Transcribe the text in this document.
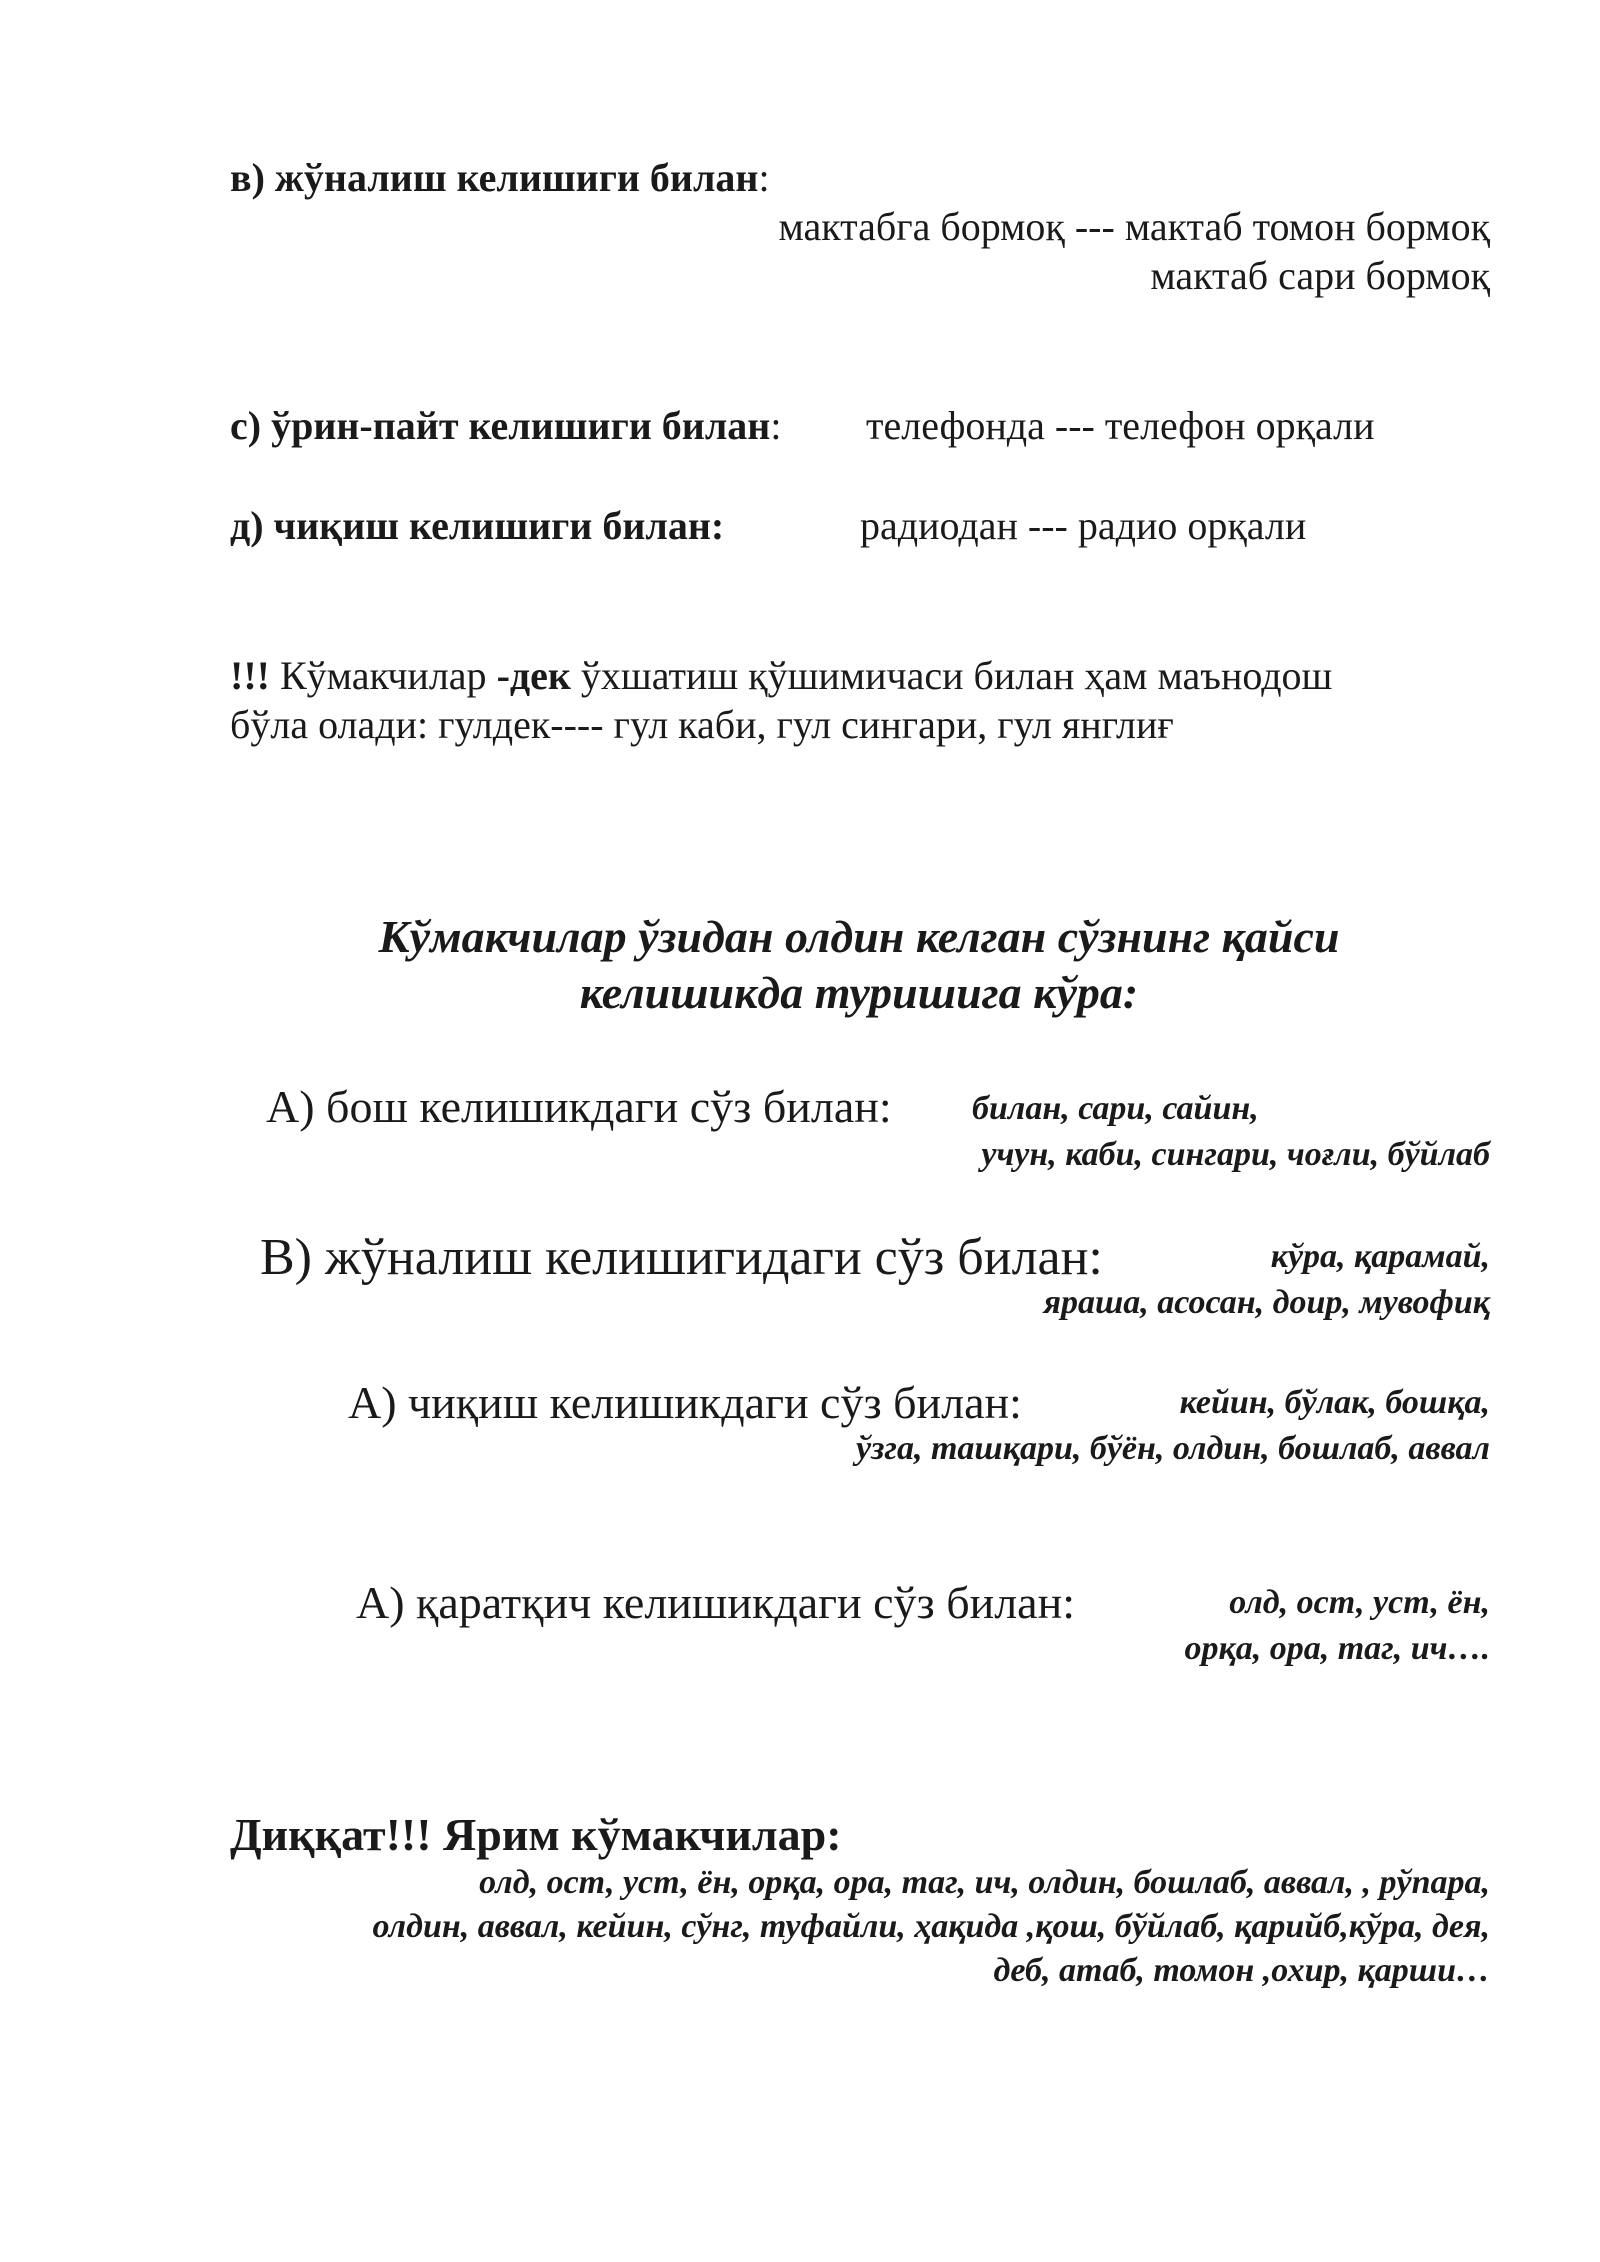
в) жўналиш келишиги билан:
мактабга бормоқ --- мактаб томон бормоқ
мактаб сари бормоқ
с) ўрин-пайт келишиги билан: телефонда --- телефон орқали
д) чиқиш келишиги билан:	радиодан --- радио орқали
!!! Кўмакчилар -дек ўхшатиш қўшимичаси билан ҳам маънодош
бўла олади: гулдек---- гул каби, гул сингари, гул янглиғ
Кўмакчилар ўзидан олдин келган сўзнинг қайси
келишикда туришига кўра:
А) бош келишикдаги сўз билан: билан, сари, сайин,
учун, каби, сингари, чоғли, бўйлаб
В) жўналиш келишигидаги сўз билан:	кўра, қарамай,
яраша, асосан, доир, мувофиқ
А) чиқиш келишикдаги сўз билан:	кейин, бўлак, бошқа,
ўзга, ташқари, бўён, олдин, бошлаб, аввал
А) қаратқич келишикдаги сўз билан:	олд, ост, уст, ён,
орқа, ора, таг, ич….
Диққат!!! Ярим кўмакчилар:
олд, ост, уст, ён, орқа, ора, таг, ич, олдин, бошлаб, аввал, , рўпара,
олдин, аввал, кейин, сўнг, туфайли, ҳақида ,қош, бўйлаб, қарийб,кўра, дея,
деб, атаб, томон ,охир, қарши…
